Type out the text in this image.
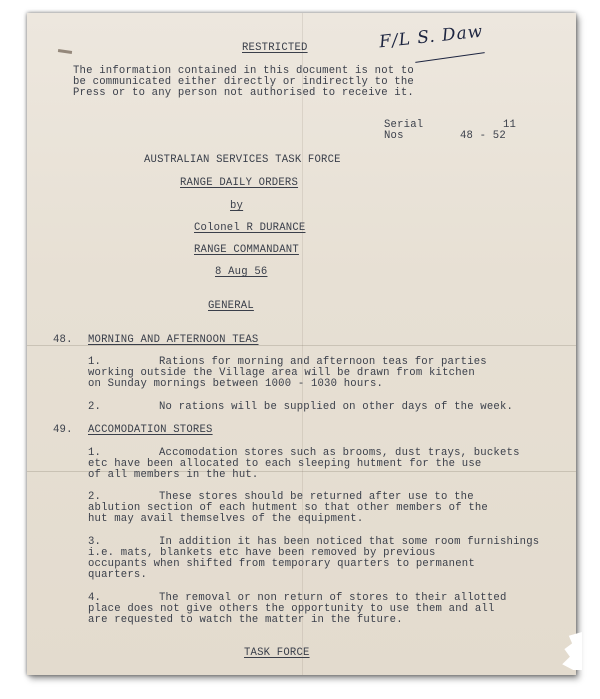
RESTRICTED	F/L S. Daw
The information contained in this document is not to
be communicated either directly or indirectly to the
Press or to any person not authorised to receive it.
Serial	11
Nos	48 - 52
AUSTRALIAN SERVICES TASK FORCE
RANGE DAILY ORDERS
by
Colonel R DURANCE
RANGE COMMANDANT
8 Aug 56
GENERAL
48. MORNING AND AFTERNOON TEAS
1.	Rations for morning and afternoon teas for parties
working outside the Village area will be drawn from kitchen
on Sunday mornings between 1000 - 1030 hours.
2.	No rations will be supplied on other days of the week.
49. ACCOMODATION STORES
1.	Accomodation stores such as brooms, dust trays, buckets
etc have been allocated to each sleeping hutment for the use
of all members in the hut.
2.	These stores should be returned after use to the
ablution section of each hutment so that other members of the
hut may avail themselves of the equipment.
3.	In addition it has been noticed that some room furnishings
i.e. mats, blankets etc have been removed by previous
occupants when shifted from temporary quarters to permanent
quarters.
4.	The removal or non return of stores to their allotted
place does not give others the opportunity to use them and all
are requested to watch the matter in the future.
TASK FORCE
